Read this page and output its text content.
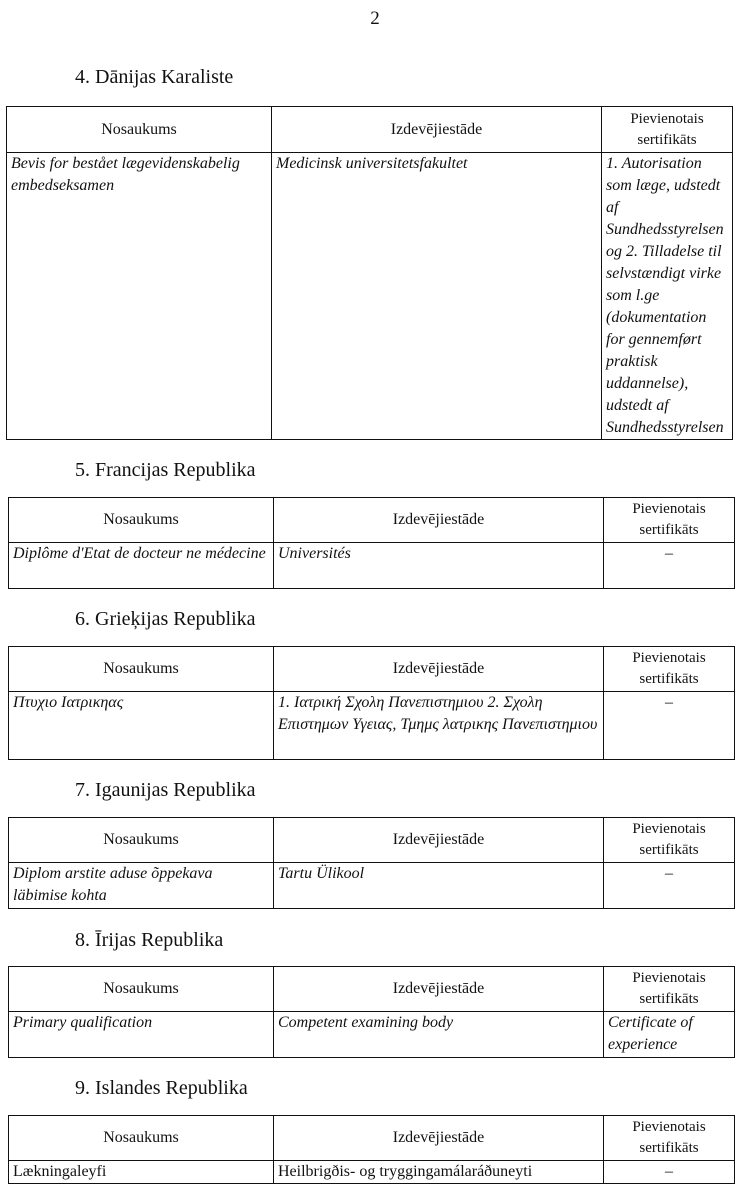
2
4. Dānijas Karaliste
Nosaukums	Izdevējiestāde	Pievienotais sertifikāts
Bevis for bestået lægevidenskabelig embedseksamen	Medicinsk universitetsfakultet	1. Autorisation som læge, udstedt af Sundhedsstyrelsen og 2. Tilladelse til selvstændigt virke som l.ge (dokumentation for gennemført praktisk uddannelse), udstedt af Sundhedsstyrelsen
5. Francijas Republika
Nosaukums	Izdevējiestāde	Pievienotais sertifikāts
Diplôme d'Etat de docteur ne médecine	Universités	–
6. Grieķijas Republika
Nosaukums	Izdevējiestāde	Pievienotais sertifikāts
Πτυχιο Ιατρικηας	1. Ιατρική Σχολη Πανεπιστημιου 2. Σχολη Επιστημων Υγειας, Τμημς λατρικης Πανεπιστημιου	–
7. Igaunijas Republika
Nosaukums	Izdevējiestāde	Pievienotais sertifikāts
Diplom arstite aduse õppekava läbimise kohta	Tartu Ülikool	–
8. Īrijas Republika
Nosaukums	Izdevējiestāde	Pievienotais sertifikāts
Primary qualification	Competent examining body	Certificate of experience
9. Islandes Republika
Nosaukums	Izdevējiestāde	Pievienotais sertifikāts
Lækningaleyfi	Heilbrigðis- og tryggingamálaráðuneyti	–
